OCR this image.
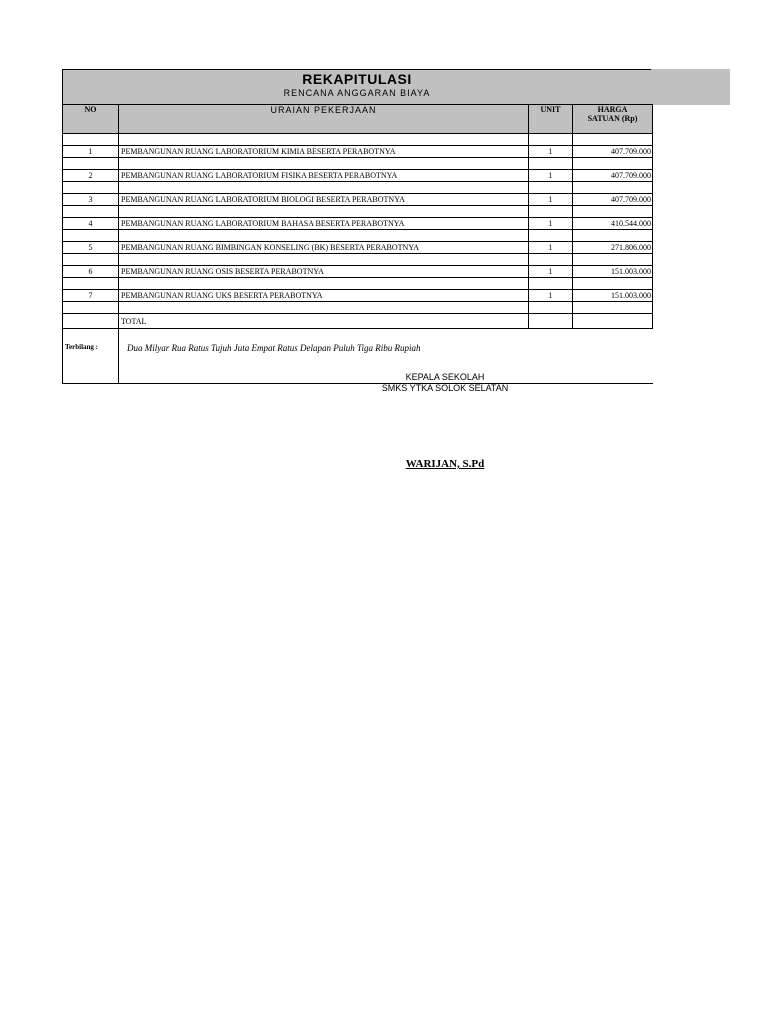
REKAPITULASI
RENCANA ANGGARAN BIAYA
NO	URAIAN PEKERJAAN	UNIT	HARGA
SATUAN (Rp)

1	PEMBANGUNAN RUANG LABORATORIUM KIMIA BESERTA PERABOTNYA	1	407.709.000

2	PEMBANGUNAN RUANG LABORATORIUM FISIKA BESERTA PERABOTNYA	1	407.709.000

3	PEMBANGUNAN RUANG LABORATORIUM BIOLOGI BESERTA PERABOTNYA	1	407.709.000

4	PEMBANGUNAN RUANG LABORATORIUM BAHASA BESERTA PERABOTNYA	1	410.544.000

5	PEMBANGUNAN RUANG BIMBINGAN KONSELING (BK) BESERTA PERABOTNYA	1	271.806.000

6	PEMBANGUNAN RUANG OSIS BESERTA PERABOTNYA	1	151.003.000

7	PEMBANGUNAN RUANG UKS BESERTA PERABOTNYA	1	151.003.000

	TOTAL		
Terbilang :	Dua Milyar Rua Ratus Tujuh Juta Empat Ratus Delapan Puluh Tiga Ribu Rupiah		
KEPALA SEKOLAH
SMKS YTKA SOLOK SELATAN
WARIJAN, S.Pd
